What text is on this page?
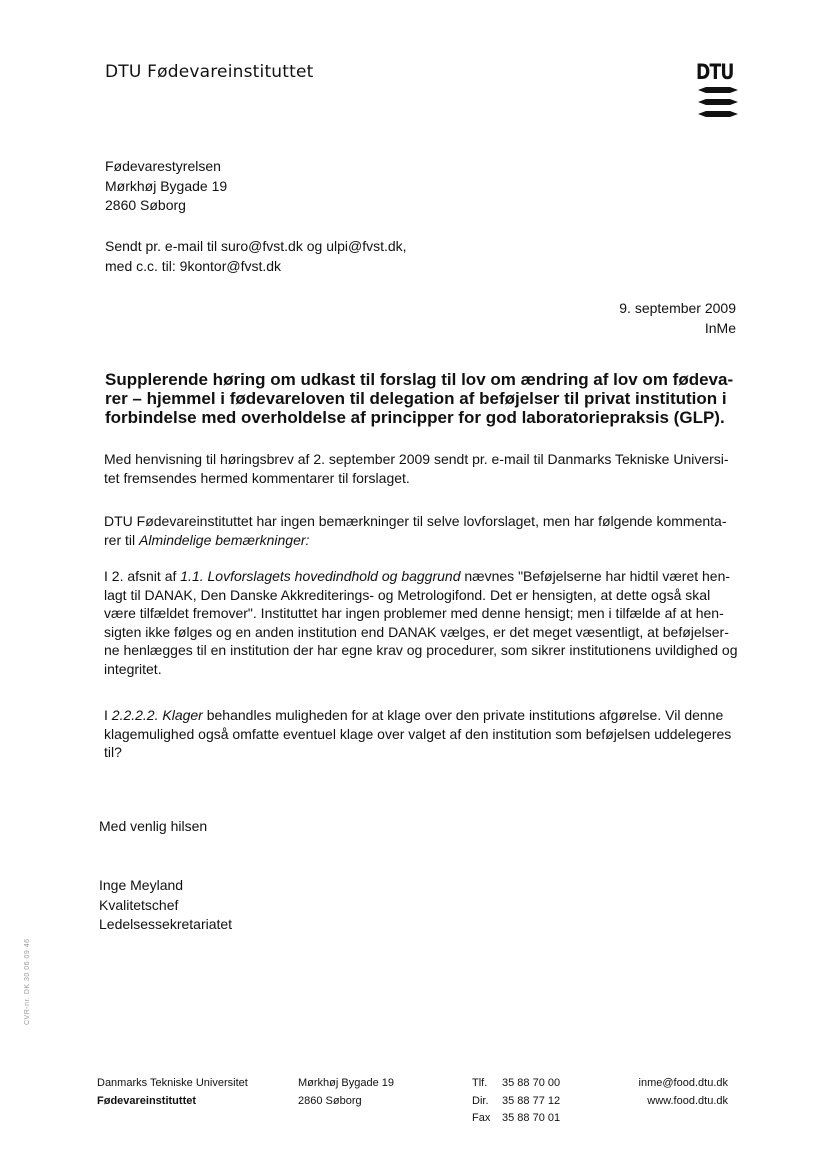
DTU Fødevareinstituttet	DTU
Fødevarestyrelsen
Mørkhøj Bygade 19
2860 Søborg
Sendt pr. e-mail til suro@fvst.dk og ulpi@fvst.dk,
med c.c. til: 9kontor@fvst.dk
9. september 2009
InMe
Supplerende høring om udkast til forslag til lov om ændring af lov om fødeva-
rer – hjemmel i fødevareloven til delegation af beføjelser til privat institution i
forbindelse med overholdelse af principper for god laboratoriepraksis (GLP).
Med henvisning til høringsbrev af 2. september 2009 sendt pr. e-mail til Danmarks Tekniske Universi-
tet fremsendes hermed kommentarer til forslaget.
DTU Fødevareinstituttet har ingen bemærkninger til selve lovforslaget, men har følgende kommenta-
rer til Almindelige bemærkninger:
I 2. afsnit af 1.1. Lovforslagets hovedindhold og baggrund nævnes "Beføjelserne har hidtil været hen-
lagt til DANAK, Den Danske Akkrediterings- og Metrologifond. Det er hensigten, at dette også skal
være tilfældet fremover". Instituttet har ingen problemer med denne hensigt; men i tilfælde af at hen-
sigten ikke følges og en anden institution end DANAK vælges, er det meget væsentligt, at beføjelser-
ne henlægges til en institution der har egne krav og procedurer, som sikrer institutionens uvildighed og
integritet.
I 2.2.2.2. Klager behandles muligheden for at klage over den private institutions afgørelse. Vil denne
klagemulighed også omfatte eventuel klage over valget af den institution som beføjelsen uddelegeres
til?
Med venlig hilsen
Inge Meyland
Kvalitetschef
Ledelsessekretariatet
CVR-nr. DK 30 06 09 46
Danmarks Tekniske Universitet
Fødevareinstituttet
Mørkhøj Bygade 19
2860 Søborg
Tlf. 35 88 70 00
Dir. 35 88 77 12
Fax 35 88 70 01
inme@food.dtu.dk
www.food.dtu.dk
